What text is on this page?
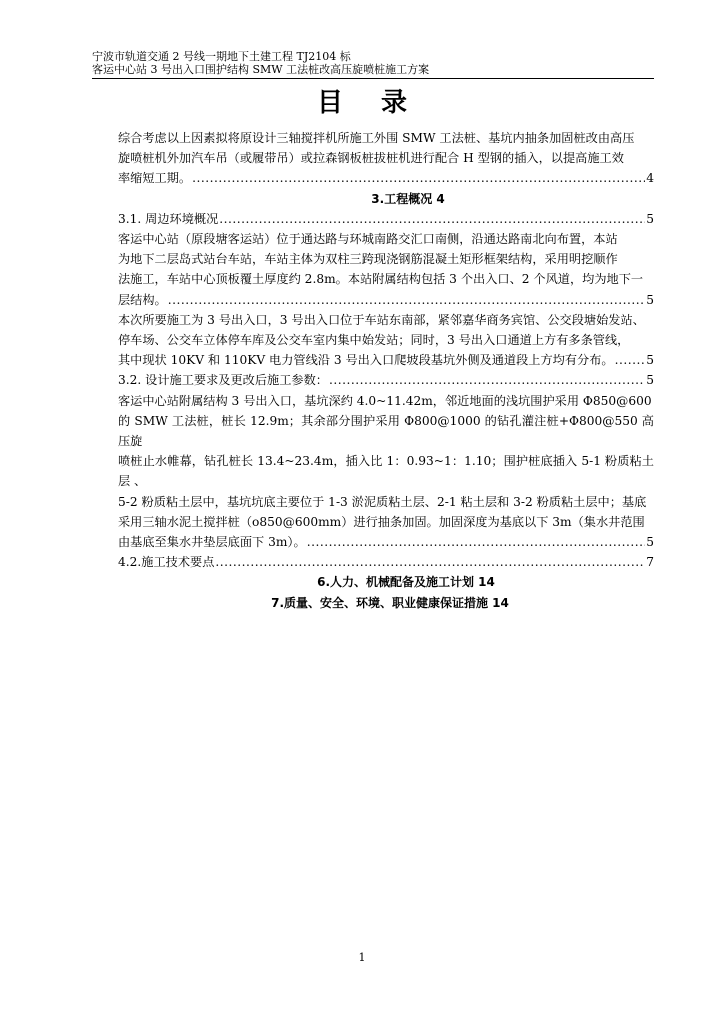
宁波市轨道交通 2 号线一期地下土建工程 TJ2104 标
客运中心站 3 号出入口围护结构 SMW 工法桩改高压旋喷桩施工方案
目录

综合考虑以上因素拟将原设计三轴搅拌机所施工外围 SMW 工法桩、基坑内抽条加固桩改由高压

旋喷桩机外加汽车吊（或履带吊）或拉森钢板桩拔桩机进行配合 H 型钢的插入，以提高施工效

率缩短工期。 .....	4

3.工程概况 4

3.1. 周边环境概况 .....	5

客运中心站（原段塘客运站）位于通达路与环城南路交汇口南侧，沿通达路南北向布置，本站

为地下二层岛式站台车站，车站主体为双柱三跨现浇钢筋混凝土矩形框架结构，采用明挖顺作

法施工，车站中心顶板覆土厚度约 2.8m。本站附属结构包括 3 个出入口、2 个风道，均为地下一

层结构。 .....	5

本次所要施工为 3 号出入口，3 号出入口位于车站东南部，紧邻嘉华商务宾馆、公交段塘始发站、

停车场、公交车立体停车库及公交车室内集中始发站；同时，3 号出入口通道上方有多条管线，

其中现状 10KV 和 110KV 电力管线沿 3 号出入口爬坡段基坑外侧及通道段上方均有分布。 .....	5

3.2. 设计施工要求及更改后施工参数： .....	5

客运中心站附属结构 3 号出入口，基坑深约 4.0~11.42m，邻近地面的浅坑围护采用 Φ850@600

的 SMW 工法桩，桩长 12.9m；其余部分围护采用 Φ800@1000 的钻孔灌注桩+Φ800@550 高压旋

喷桩止水帷幕，钻孔桩长 13.4~23.4m，插入比 1：0.93~1：1.10；围护桩底插入 5-1 粉质粘土层 、

5-2 粉质粘土层中，基坑坑底主要位于 1-3 淤泥质粘土层、2-1 粘土层和 3-2 粉质粘土层中；基底

采用三轴水泥土搅拌桩（o850@600mm）进行抽条加固。加固深度为基底以下 3m（集水井范围

由基底至集水井垫层底面下 3m）。 .....	5

4.2.施工技术要点 .....	7

6.人力、机械配备及施工计划 14

7.质量、安全、环境、职业健康保证措施 14

1
